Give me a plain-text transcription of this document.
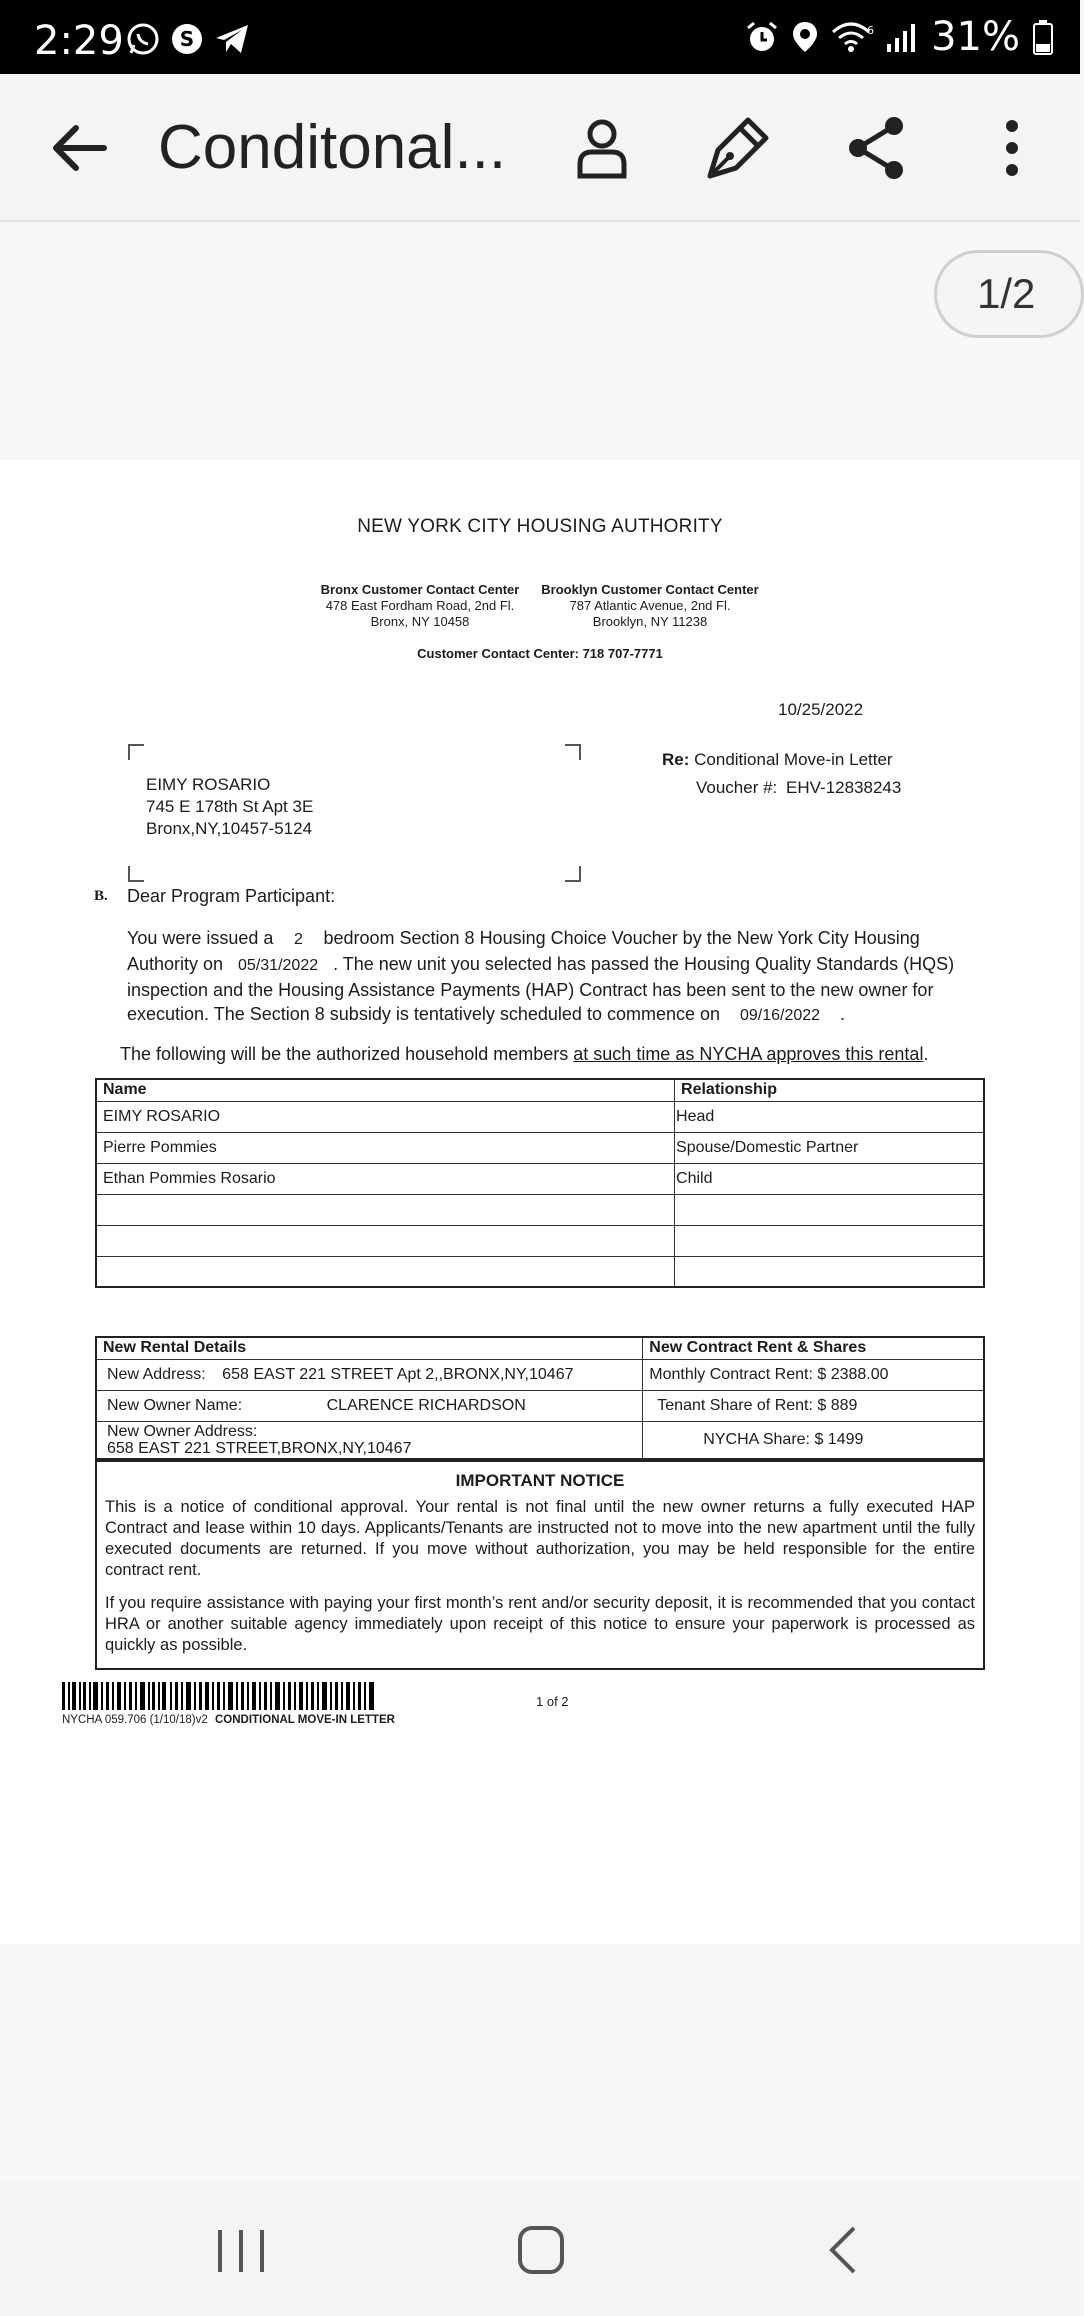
2:29	S	6 31%
Conditonal...
1/2
NEW YORK CITY HOUSING AUTHORITY
Bronx Customer Contact Center
478 East Fordham Road, 2nd Fl.
Bronx, NY 10458
Brooklyn Customer Contact Center
787 Atlantic Avenue, 2nd Fl.
Brooklyn, NY 11238
Customer Contact Center: 718 707-7771
10/25/2022
EIMY ROSARIO
745 E 178th St Apt 3E
Bronx,NY,10457-5124
Re: Conditional Move-in Letter
Voucher #: EHV-12838243
B. Dear Program Participant:
You were issued a 2 bedroom Section 8 Housing Choice Voucher by the New York City Housing Authority on 05/31/2022 . The new unit you selected has passed the Housing Quality Standards (HQS) inspection and the Housing Assistance Payments (HAP) Contract has been sent to the new owner for execution. The Section 8 subsidy is tentatively scheduled to commence on 09/16/2022 .
The following will be the authorized household members at such time as NYCHA approves this rental.
Name	Relationship
EIMY ROSARIO	Head
Pierre Pommies	Spouse/Domestic Partner
Ethan Pommies Rosario	Child

New Rental Details	New Contract Rent & Shares
New Address: 658 EAST 221 STREET Apt 2,,BRONX,NY,10467	Monthly Contract Rent: $ 2388.00
New Owner Name: CLARENCE RICHARDSON	Tenant Share of Rent: $ 889

New Owner Address:
658 EAST 221 STREET,BRONX,NY,10467	NYCHA Share: $ 1499
IMPORTANT NOTICE

This is a notice of conditional approval. Your rental is not final until the new owner returns a fully executed HAP Contract and lease within 10 days. Applicants/Tenants are instructed not to move into the new apartment until the fully executed documents are returned. If you move without authorization, you may be held responsible for the entire contract rent.

If you require assistance with paying your first month’s rent and/or security deposit, it is recommended that you contact HRA or another suitable agency immediately upon receipt of this notice to ensure your paperwork is processed as quickly as possible.

NYCHA 059.706 (1/10/18)v2 CONDITIONAL MOVE-IN LETTER
1 of 2
